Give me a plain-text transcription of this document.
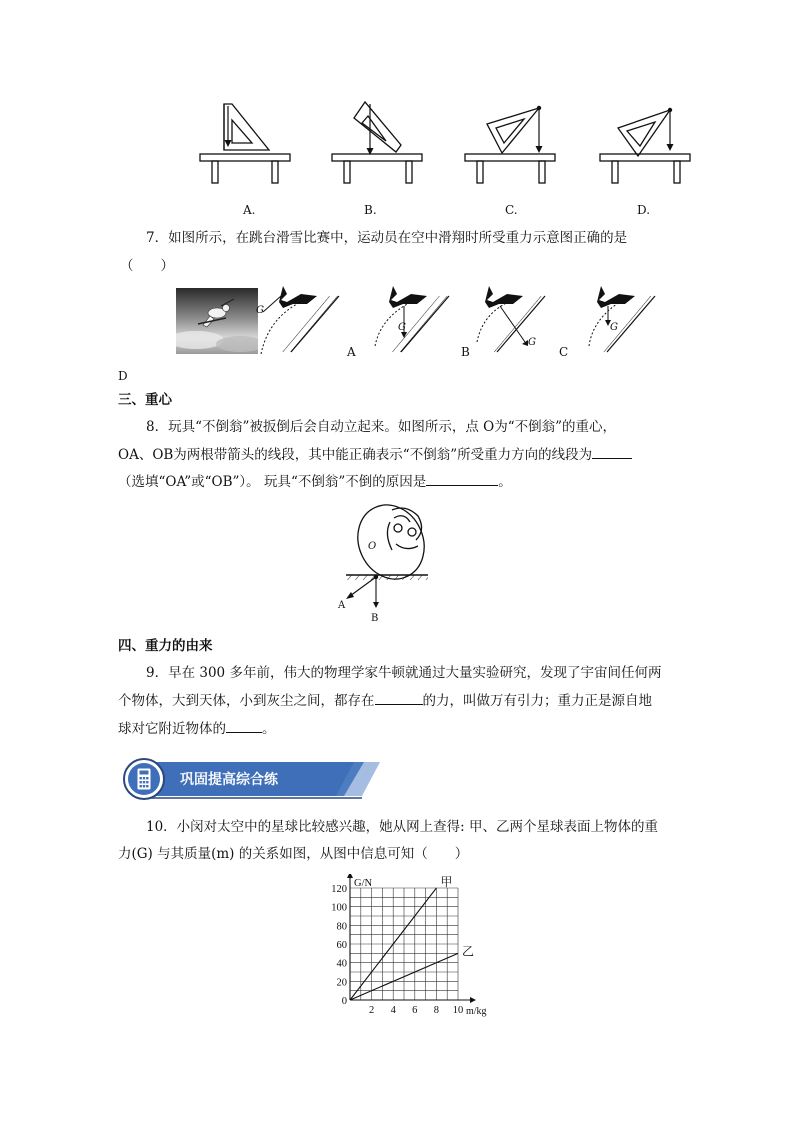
A.	B.	C.	D.
7．如图所示，在跳台滑雪比赛中，运动员在空中滑翔时所受重力示意图正确的是
（　　）
G
G
G
G
A	B	C
D
三、重心
8．玩具“不倒翁”被扳倒后会自动立起来。如图所示，点 O为“不倒翁”的重心，
OA、OB为两根带箭头的线段，其中能正确表示“不倒翁”所受重力方向的线段为
（选填“OA”或“OB”）。 玩具“不倒翁”不倒的原因是	。
O
A
B
四、重力的由来
9．早在 300 多年前，伟大的物理学家牛顿就通过大量实验研究，发现了宇宙间任何两
个物体，大到天体，小到灰尘之间，都存在	的力，叫做万有引力；重力正是源自地
球对它附近物体的	。
巩固提高综合练
10．小闵对太空中的星球比较感兴趣，她从网上查得: 甲、乙两个星球表面上物体的重
力(G) 与其质量(m) 的关系如图，从图中信息可知（　　）
0
20
40
60
80
100
120
2 4 6 8 10
G/N
m/kg
甲
乙
